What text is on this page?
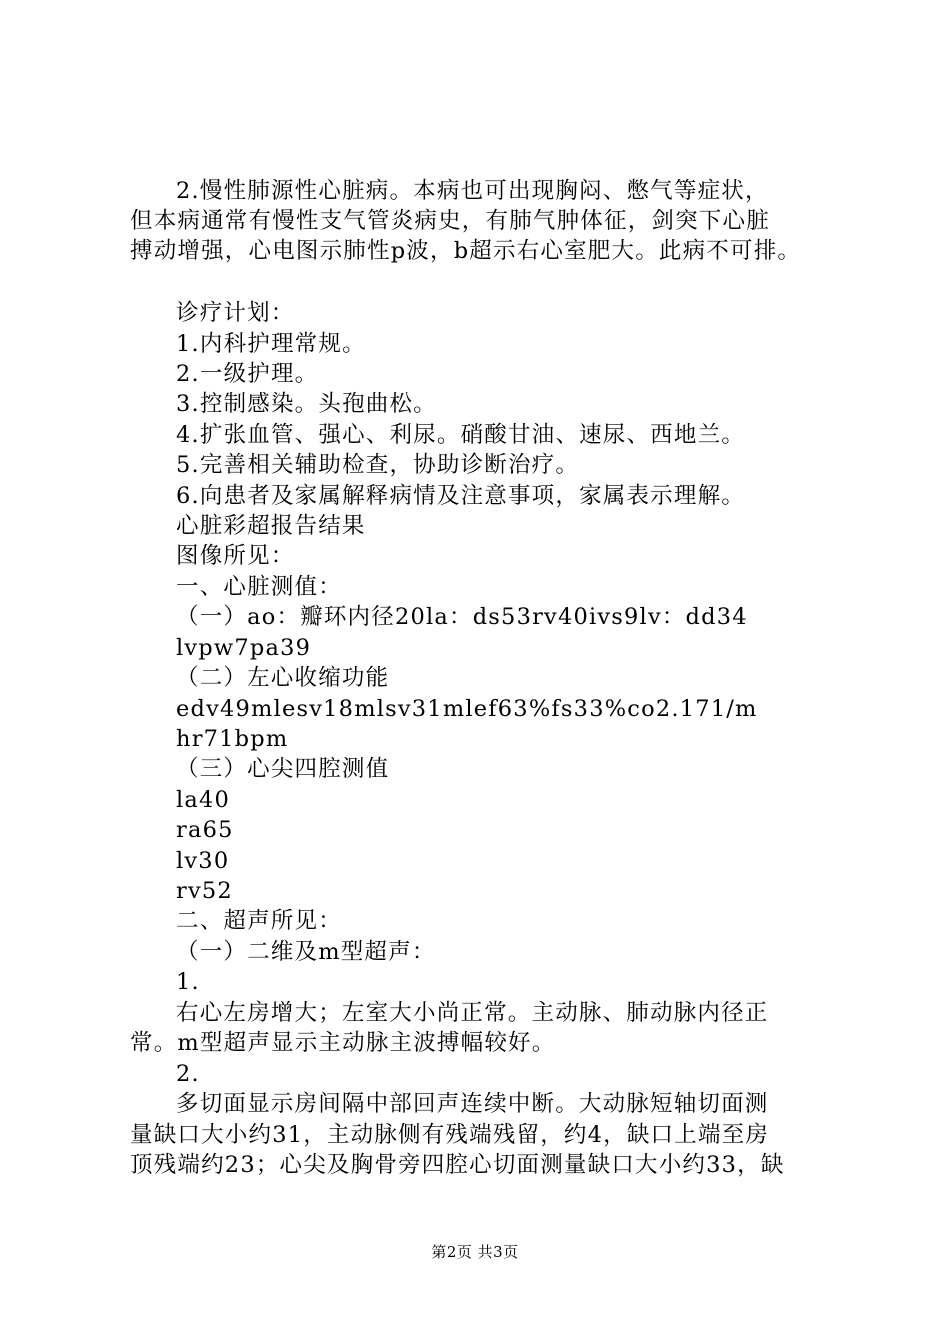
2.慢性肺源性心脏病。本病也可出现胸闷、憋气等症状，
但本病通常有慢性支气管炎病史，有肺气肿体征，剑突下心脏
搏动增强，心电图示肺性p波，b超示右心室肥大。此病不可排。
诊疗计划：
1.内科护理常规。
2.一级护理。
3.控制感染。头孢曲松。
4.扩张血管、强心、利尿。硝酸甘油、速尿、西地兰。
5.完善相关辅助检查，协助诊断治疗。
6.向患者及家属解释病情及注意事项，家属表示理解。
心脏彩超报告结果
图像所见：
一、心脏测值：
（一）ao：瓣环内径20la：ds53rv40ivs9lv：dd34
lvpw7pa39
（二）左心收缩功能
edv49mlesv18mlsv31mlef63%fs33%co2.171/m
hr71bpm
（三）心尖四腔测值
la40
ra65
lv30
rv52
二、超声所见：
（一）二维及m型超声：
1.
右心左房增大；左室大小尚正常。主动脉、肺动脉内径正
常。m型超声显示主动脉主波搏幅较好。
2.
多切面显示房间隔中部回声连续中断。大动脉短轴切面测
量缺口大小约31，主动脉侧有残端残留，约4，缺口上端至房
顶残端约23；心尖及胸骨旁四腔心切面测量缺口大小约33，缺
第2页 共3页
